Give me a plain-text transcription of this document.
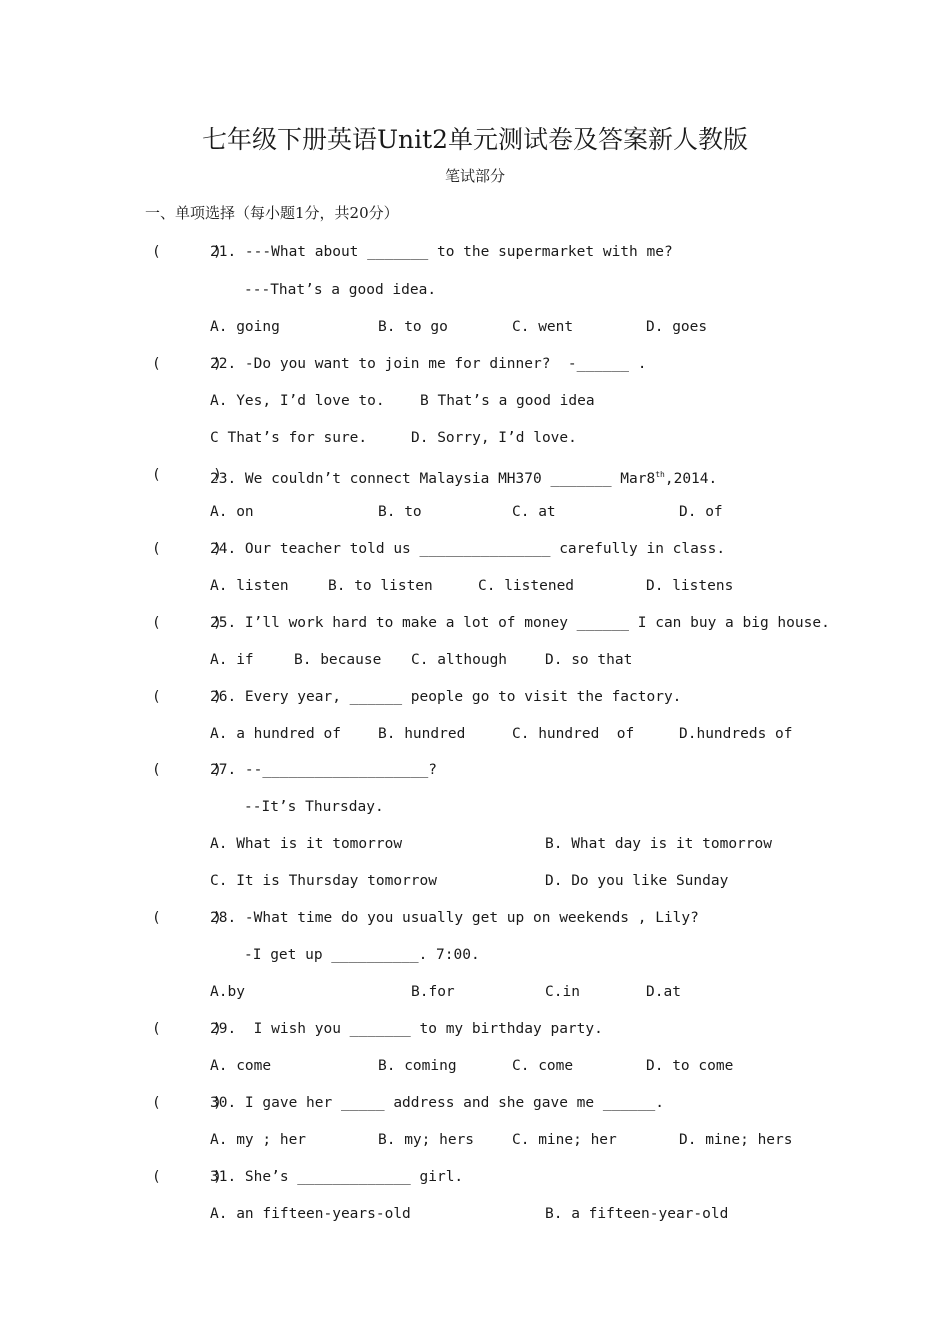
七年级下册英语Unit2单元测试卷及答案新人教版
笔试部分
一、单项选择（每小题1分，共20分）
(      )
21. ---What about _______ to the supermarket with me?
---That’s a good idea.
A. going	B. to go	C. went	D. goes
(      )
22. -Do you want to join me for dinner?  -______ .
A. Yes, I’d love to. B That’s a good idea
C That’s for sure.	D. Sorry, I’d love.
(      )
23. We couldn’t connect Malaysia MH370 _______ Mar8th,2014.
A. on	B. to	C. at	D. of
(      )
24. Our teacher told us _______________ carefully in class.
A. listen	B. to listen	C. listened	D. listens
(      )
25. I’ll work hard to make a lot of money ______ I can buy a big house.
A. if	B. because C. although	D. so that
(      )
26. Every year, ______ people go to visit the factory.
A. a hundred of	B. hundred	C. hundred  of	D.hundreds of
(      )
27. --___________________?
--It’s Thursday.
A. What is it tomorrow	B. What day is it tomorrow
C. It is Thursday tomorrow	D. Do you like Sunday
(      )
28. -What time do you usually get up on weekends , Lily?
-I get up __________. 7:00.
A.by	B.for	C.in	D.at
(      )
29.  I wish you _______ to my birthday party.
A. come	B. coming	C. come	D. to come
(      )
30. I gave her _____ address and she gave me ______.
A. my ; her	B. my; hers	C. mine; her	D. mine; hers
(      )
31. She’s _____________ girl.
A. an fifteen-years-old	B. a fifteen-year-old
